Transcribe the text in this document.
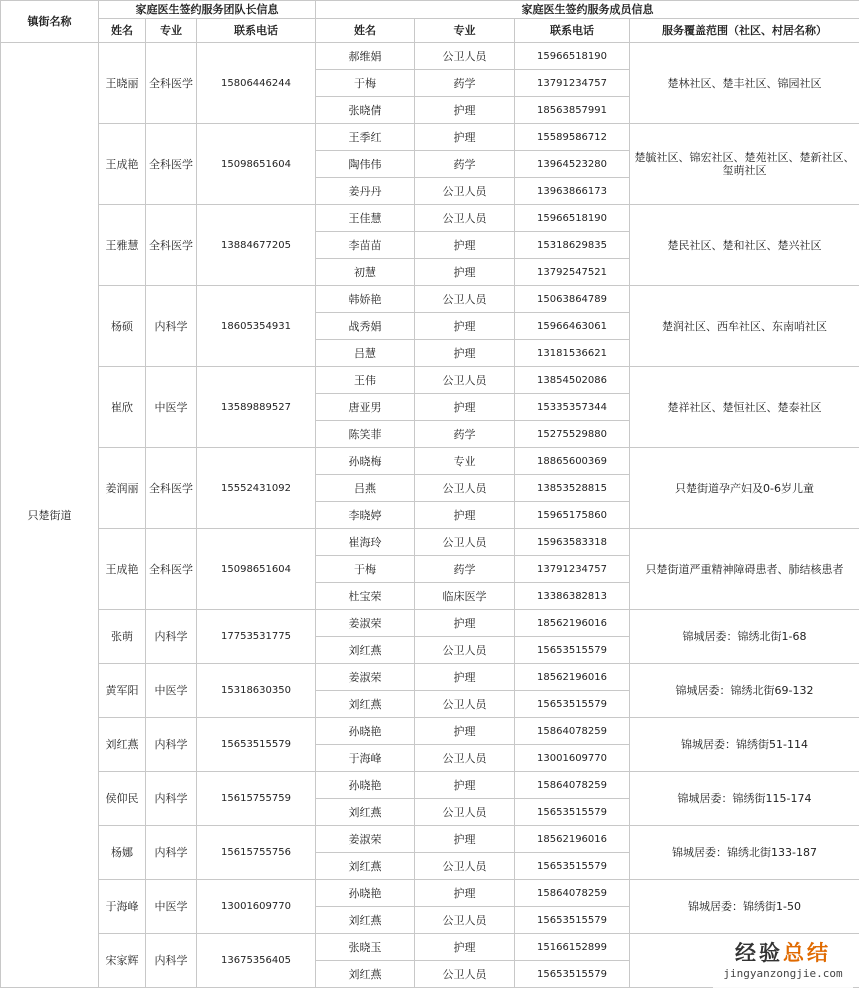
镇街名称	家庭医生签约服务团队长信息			家庭医生签约服务成员信息			
	姓名	专业	联系电话	姓名	专业	联系电话	服务覆盖范围（社区、村居名称）
只楚街道	王晓丽	全科医学	15806446244	郝维娟	公卫人员	15966518190	楚林社区、楚丰社区、锦园社区
				于梅	药学	13791234757	
				张晓倩	护理	18563857991	
	王成艳	全科医学	15098651604	王季红	护理	15589586712	楚毓社区、锦宏社区、楚苑社区、楚新社区、玺萌社区
				陶伟伟	药学	13964523280	
				姜丹丹	公卫人员	13963866173	
	王雅慧	全科医学	13884677205	王佳慧	公卫人员	15966518190	楚民社区、楚和社区、楚兴社区
				李苗苗	护理	15318629835	
				初慧	护理	13792547521	
	杨硕	内科学	18605354931	韩娇艳	公卫人员	15063864789	楚润社区、西牟社区、东南哨社区
				战秀娟	护理	15966463061	
				吕慧	护理	13181536621	
	崔欣	中医学	13589889527	王伟	公卫人员	13854502086	楚祥社区、楚恒社区、楚泰社区
				唐亚男	护理	15335357344	
				陈笑菲	药学	15275529880	
	姜润丽	全科医学	15552431092	孙晓梅	专业	18865600369	只楚街道孕产妇及0-6岁儿童
				吕燕	公卫人员	13853528815	
				李晓婷	护理	15965175860	
	王成艳	全科医学	15098651604	崔海玲	公卫人员	15963583318	只楚街道严重精神障碍患者、肺结核患者
				于梅	药学	13791234757	
				杜宝荣	临床医学	13386382813	
	张萌	内科学	17753531775	姜淑荣	护理	18562196016	锦城居委：锦绣北街1-68
				刘红燕	公卫人员	15653515579	
	黄军阳	中医学	15318630350	姜淑荣	护理	18562196016	锦城居委：锦绣北街69-132
				刘红燕	公卫人员	15653515579	
	刘红燕	内科学	15653515579	孙晓艳	护理	15864078259	锦城居委：锦绣街51-114
				于海峰	公卫人员	13001609770	
	侯仰民	内科学	15615755759	孙晓艳	护理	15864078259	锦城居委：锦绣街115-174
				刘红燕	公卫人员	15653515579	
	杨娜	内科学	15615755756	姜淑荣	护理	18562196016	锦城居委：锦绣北街133-187
				刘红燕	公卫人员	15653515579	
	于海峰	中医学	13001609770	孙晓艳	护理	15864078259	锦城居委：锦绣街1-50
				刘红燕	公卫人员	15653515579	
	宋家辉	内科学	13675356405	张晓玉	护理	15166152899	
				刘红燕	公卫人员	15653515579	
经验总结
jingyanzongjie.com
